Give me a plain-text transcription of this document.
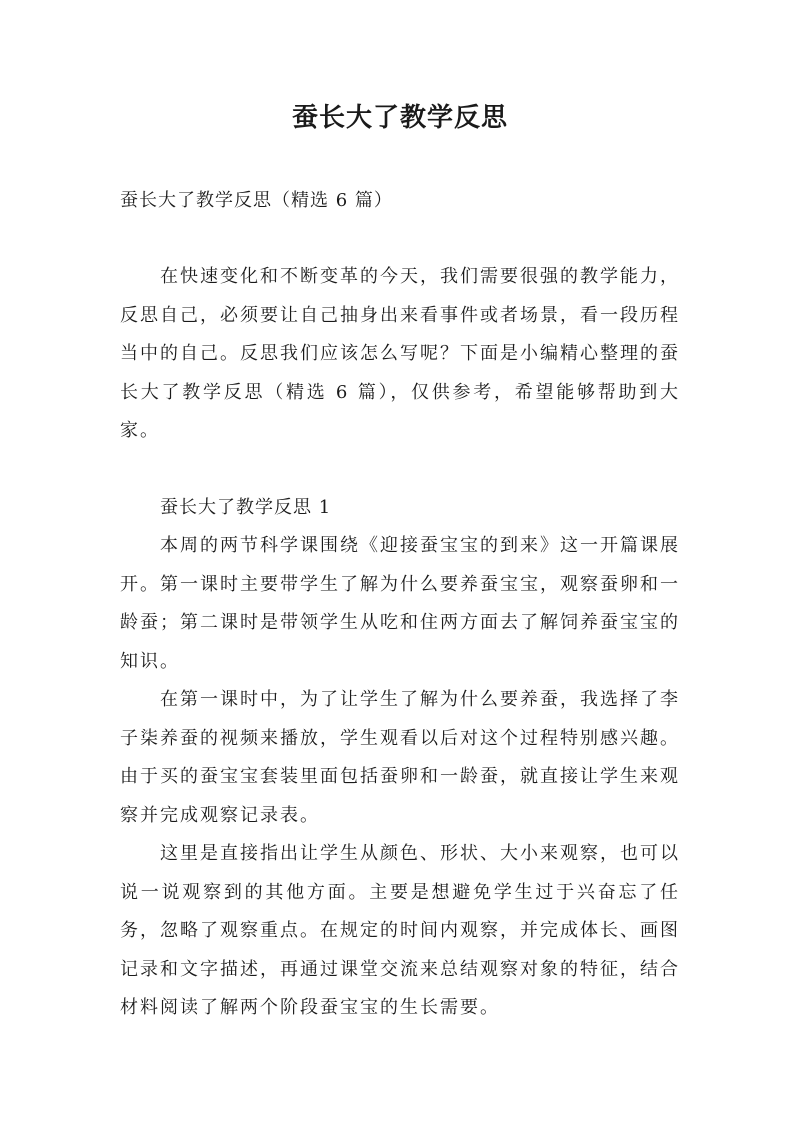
蚕长大了教学反思
蚕长大了教学反思（精选 6 篇）

在快速变化和不断变革的今天，我们需要很强的教学能力，反思自己，必须要让自己抽身出来看事件或者场景，看一段历程当中的自己。反思我们应该怎么写呢？下面是小编精心整理的蚕长大了教学反思（精选 6 篇），仅供参考，希望能够帮助到大家。

蚕长大了教学反思 1

本周的两节科学课围绕《迎接蚕宝宝的到来》这一开篇课展开。第一课时主要带学生了解为什么要养蚕宝宝，观察蚕卵和一龄蚕；第二课时是带领学生从吃和住两方面去了解饲养蚕宝宝的知识。

在第一课时中，为了让学生了解为什么要养蚕，我选择了李子柒养蚕的视频来播放，学生观看以后对这个过程特别感兴趣。由于买的蚕宝宝套装里面包括蚕卵和一龄蚕，就直接让学生来观察并完成观察记录表。

这里是直接指出让学生从颜色、形状、大小来观察，也可以说一说观察到的其他方面。主要是想避免学生过于兴奋忘了任务，忽略了观察重点。在规定的时间内观察，并完成体长、画图记录和文字描述，再通过课堂交流来总结观察对象的特征，结合材料阅读了解两个阶段蚕宝宝的生长需要。
